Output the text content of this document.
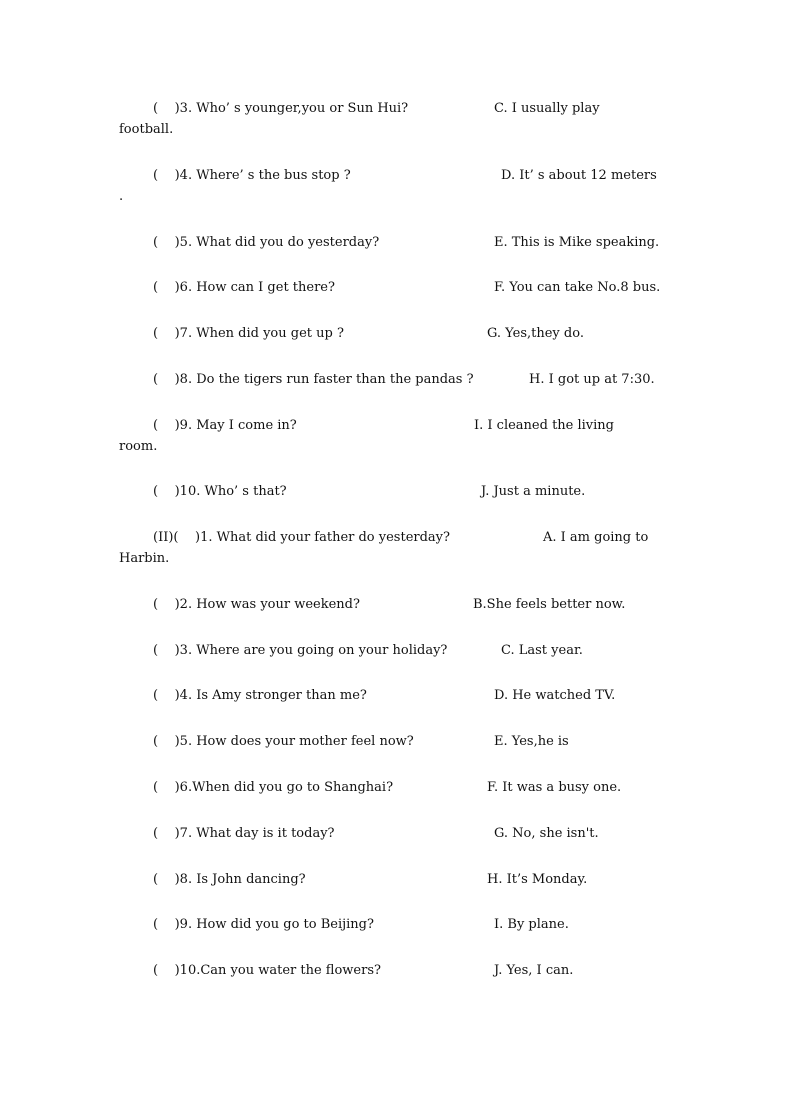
(    )3. Who’ s younger,you or Sun Hui?	C. I usually play
football.
(    )4. Where’ s the bus stop ?	D. It’ s about 12 meters
.
(    )5. What did you do yesterday?	E. This is Mike speaking.
(    )6. How can I get there?	F. You can take No.8 bus.
(    )7. When did you get up ?	G. Yes,they do.
(    )8. Do the tigers run faster than the pandas ?	H. I got up at 7:30.
(    )9. May I come in?	I. I cleaned the living
room.
(    )10. Who’ s that?	J. Just a minute.
(II)(    )1. What did your father do yesterday?	A. I am going to
Harbin.
(    )2. How was your weekend?	B.She feels better now.
(    )3. Where are you going on your holiday?	C. Last year.
(    )4. Is Amy stronger than me?	D. He watched TV.
(    )5. How does your mother feel now?	E. Yes,he is
(    )6.When did you go to Shanghai?	F. It was a busy one.
(    )7. What day is it today?	G. No, she isn't.
(    )8. Is John dancing?	H. It’s Monday.
(    )9. How did you go to Beijing?	I. By plane.
(    )10.Can you water the flowers?	J. Yes, I can.
